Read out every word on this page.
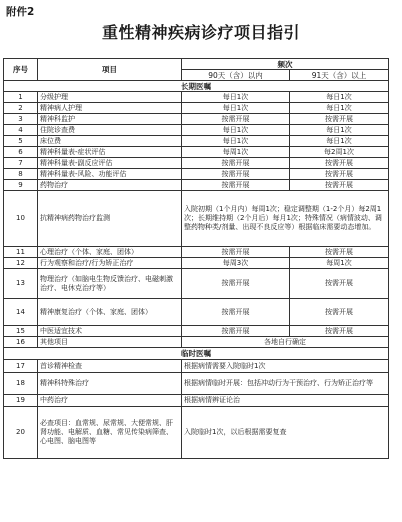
附件2
重性精神疾病诊疗项目指引
序号	项目	频次	
		90天（含）以内	91天（含）以上
长期医嘱			
1	分级护理	每日1次	每日1次
2	精神病人护理	每日1次	每日1次
3	精神科监护	按需开展	按需开展
4	住院诊查费	每日1次	每日1次
5	床位费	每日1次	每日1次
6	精神科量表-症状评估	每周1次	每2周1次
7	精神科量表-副反应评估	按需开展	按需开展
8	精神科量表-风险、功能评估	按需开展	按需开展
9	药物治疗	按需开展	按需开展
10	抗精神病药物治疗监测	入院初期（1个月内）每周1次；稳定调整期（1-2个月）每2周1次；长期维持期（2个月后）每月1次；特殊情况（病情波动、调整药物种类/剂量、出现不良反应等）根据临床需要动态增加。	
11	心理治疗（个体、家庭、团体）	按需开展	按需开展
12	行为观察和治疗/行为矫正治疗	每周3次	每周1次
13	物理治疗（如脑电生物反馈治疗、电磁刺激治疗、电休克治疗等）	按需开展	按需开展
14	精神康复治疗（个体、家庭、团体）	按需开展	按需开展
15	中医适宜技术	按需开展	按需开展
16	其他项目	各地自行确定	
临时医嘱			
17	首诊精神检查	根据病情需要入院临时1次	
18	精神科特殊治疗	根据病情临时开展：包括冲动行为干预治疗、行为矫正治疗等	
19	中药治疗	根据病情辨证论治	
20	必查项目：血常规、尿常规、大便常规、肝肾功能、电解质、血糖、常见传染病筛查、心电图、脑电图等	入院临时1次，以后根据需要复查	
